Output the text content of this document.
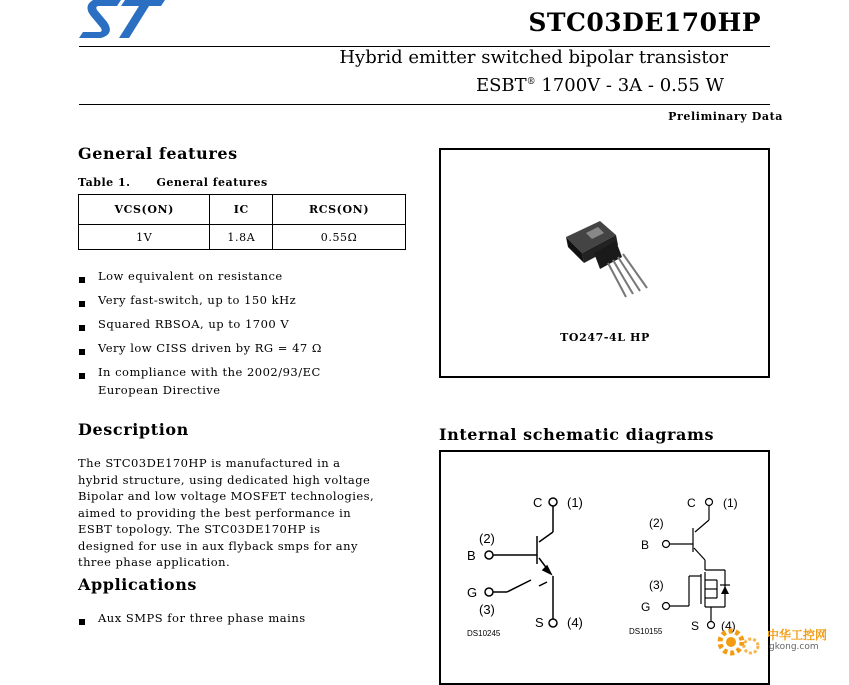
STC03DE170HP
Hybrid emitter switched bipolar transistor
ESBT® 1700V - 3A - 0.55 W
Preliminary Data
General features
Table 1. General features
VCS(ON)	IC	RCS(ON)
1V	1.8A	0.55Ω
Low equivalent on resistance
Very fast-switch, up to 150 kHz
Squared RBSOA, up to 1700 V
Very low CISS driven by RG = 47 Ω
In compliance with the 2002/93/EC European Directive
TO247-4L HP
Description
The STC03DE170HP is manufactured in a hybrid structure, using dedicated high voltage Bipolar and low voltage MOSFET technologies, aimed to providing the best performance in ESBT topology. The STC03DE170HP is designed for use in aux flyback smps for any three phase application.
Applications
Aux SMPS for three phase mains
Internal schematic diagrams
C (1)
(2)
B
G
(3)
S (4)
DS10245
C (1)
(2)
B
(3)
G
S (4)
DS10155	中华工控网
gkong.com
